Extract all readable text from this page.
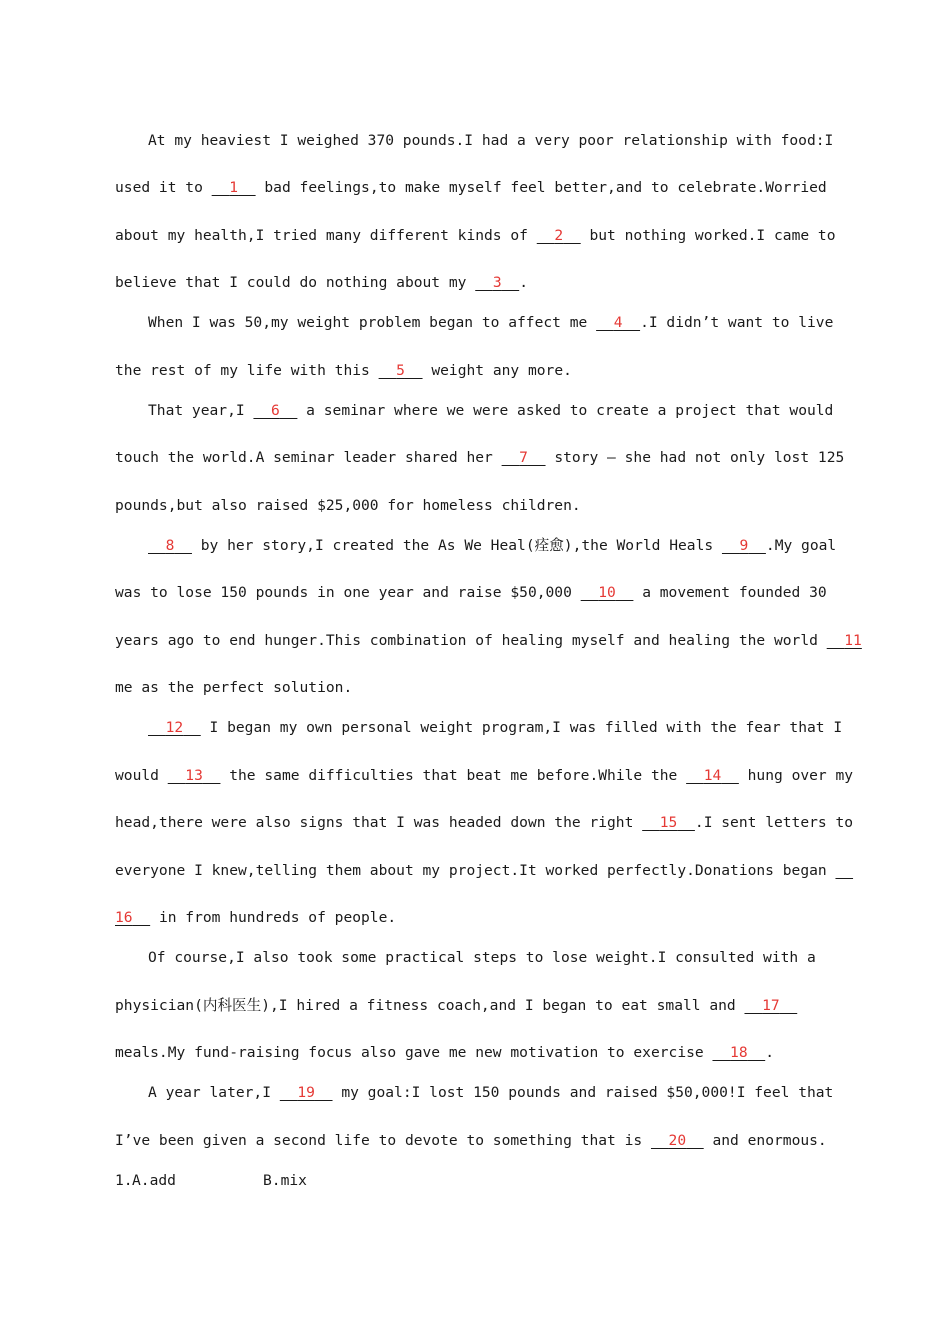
At my heaviest I weighed 370 pounds.I had a very poor relationship with food:I
used it to   1   bad feelings,to make myself feel better,and to celebrate.Worried
about my health,I tried many different kinds of   2   but nothing worked.I came to
believe that I could do nothing about my   3 .
When I was 50,my weight problem began to affect me   4 .I didn’t want to live
the rest of my life with this   5   weight any more.
That year,I   6   a seminar where we were asked to create a project that would
touch the world.A seminar leader shared her   7   story — she had not only lost 125
pounds,but also raised $25,000 for homeless children.
8   by her story,I created the As We Heal(痊愈),the World Heals   9 .My goal
was to lose 150 pounds in one year and raise $50,000   10   a movement founded 30
years ago to end hunger.This combination of healing myself and healing the world   11
me as the perfect solution.
12   I began my own personal weight program,I was filled with the fear that I
would   13   the same difficulties that beat me before.While the   14   hung over my
head,there were also signs that I was headed down the right   15 .I sent letters to
everyone I knew,telling them about my project.It worked perfectly.Donations began
16   in from hundreds of people.
Of course,I also took some practical steps to lose weight.I consulted with a
physician(内科医生),I hired a fitness coach,and I began to eat small and   17
meals.My fund-raising focus also gave me new motivation to exercise   18 .
A year later,I   19   my goal:I lost 150 pounds and raised $50,000!I feel that
I’ve been given a second life to devote to something that is   20   and enormous.
1. A.add	B.mix
